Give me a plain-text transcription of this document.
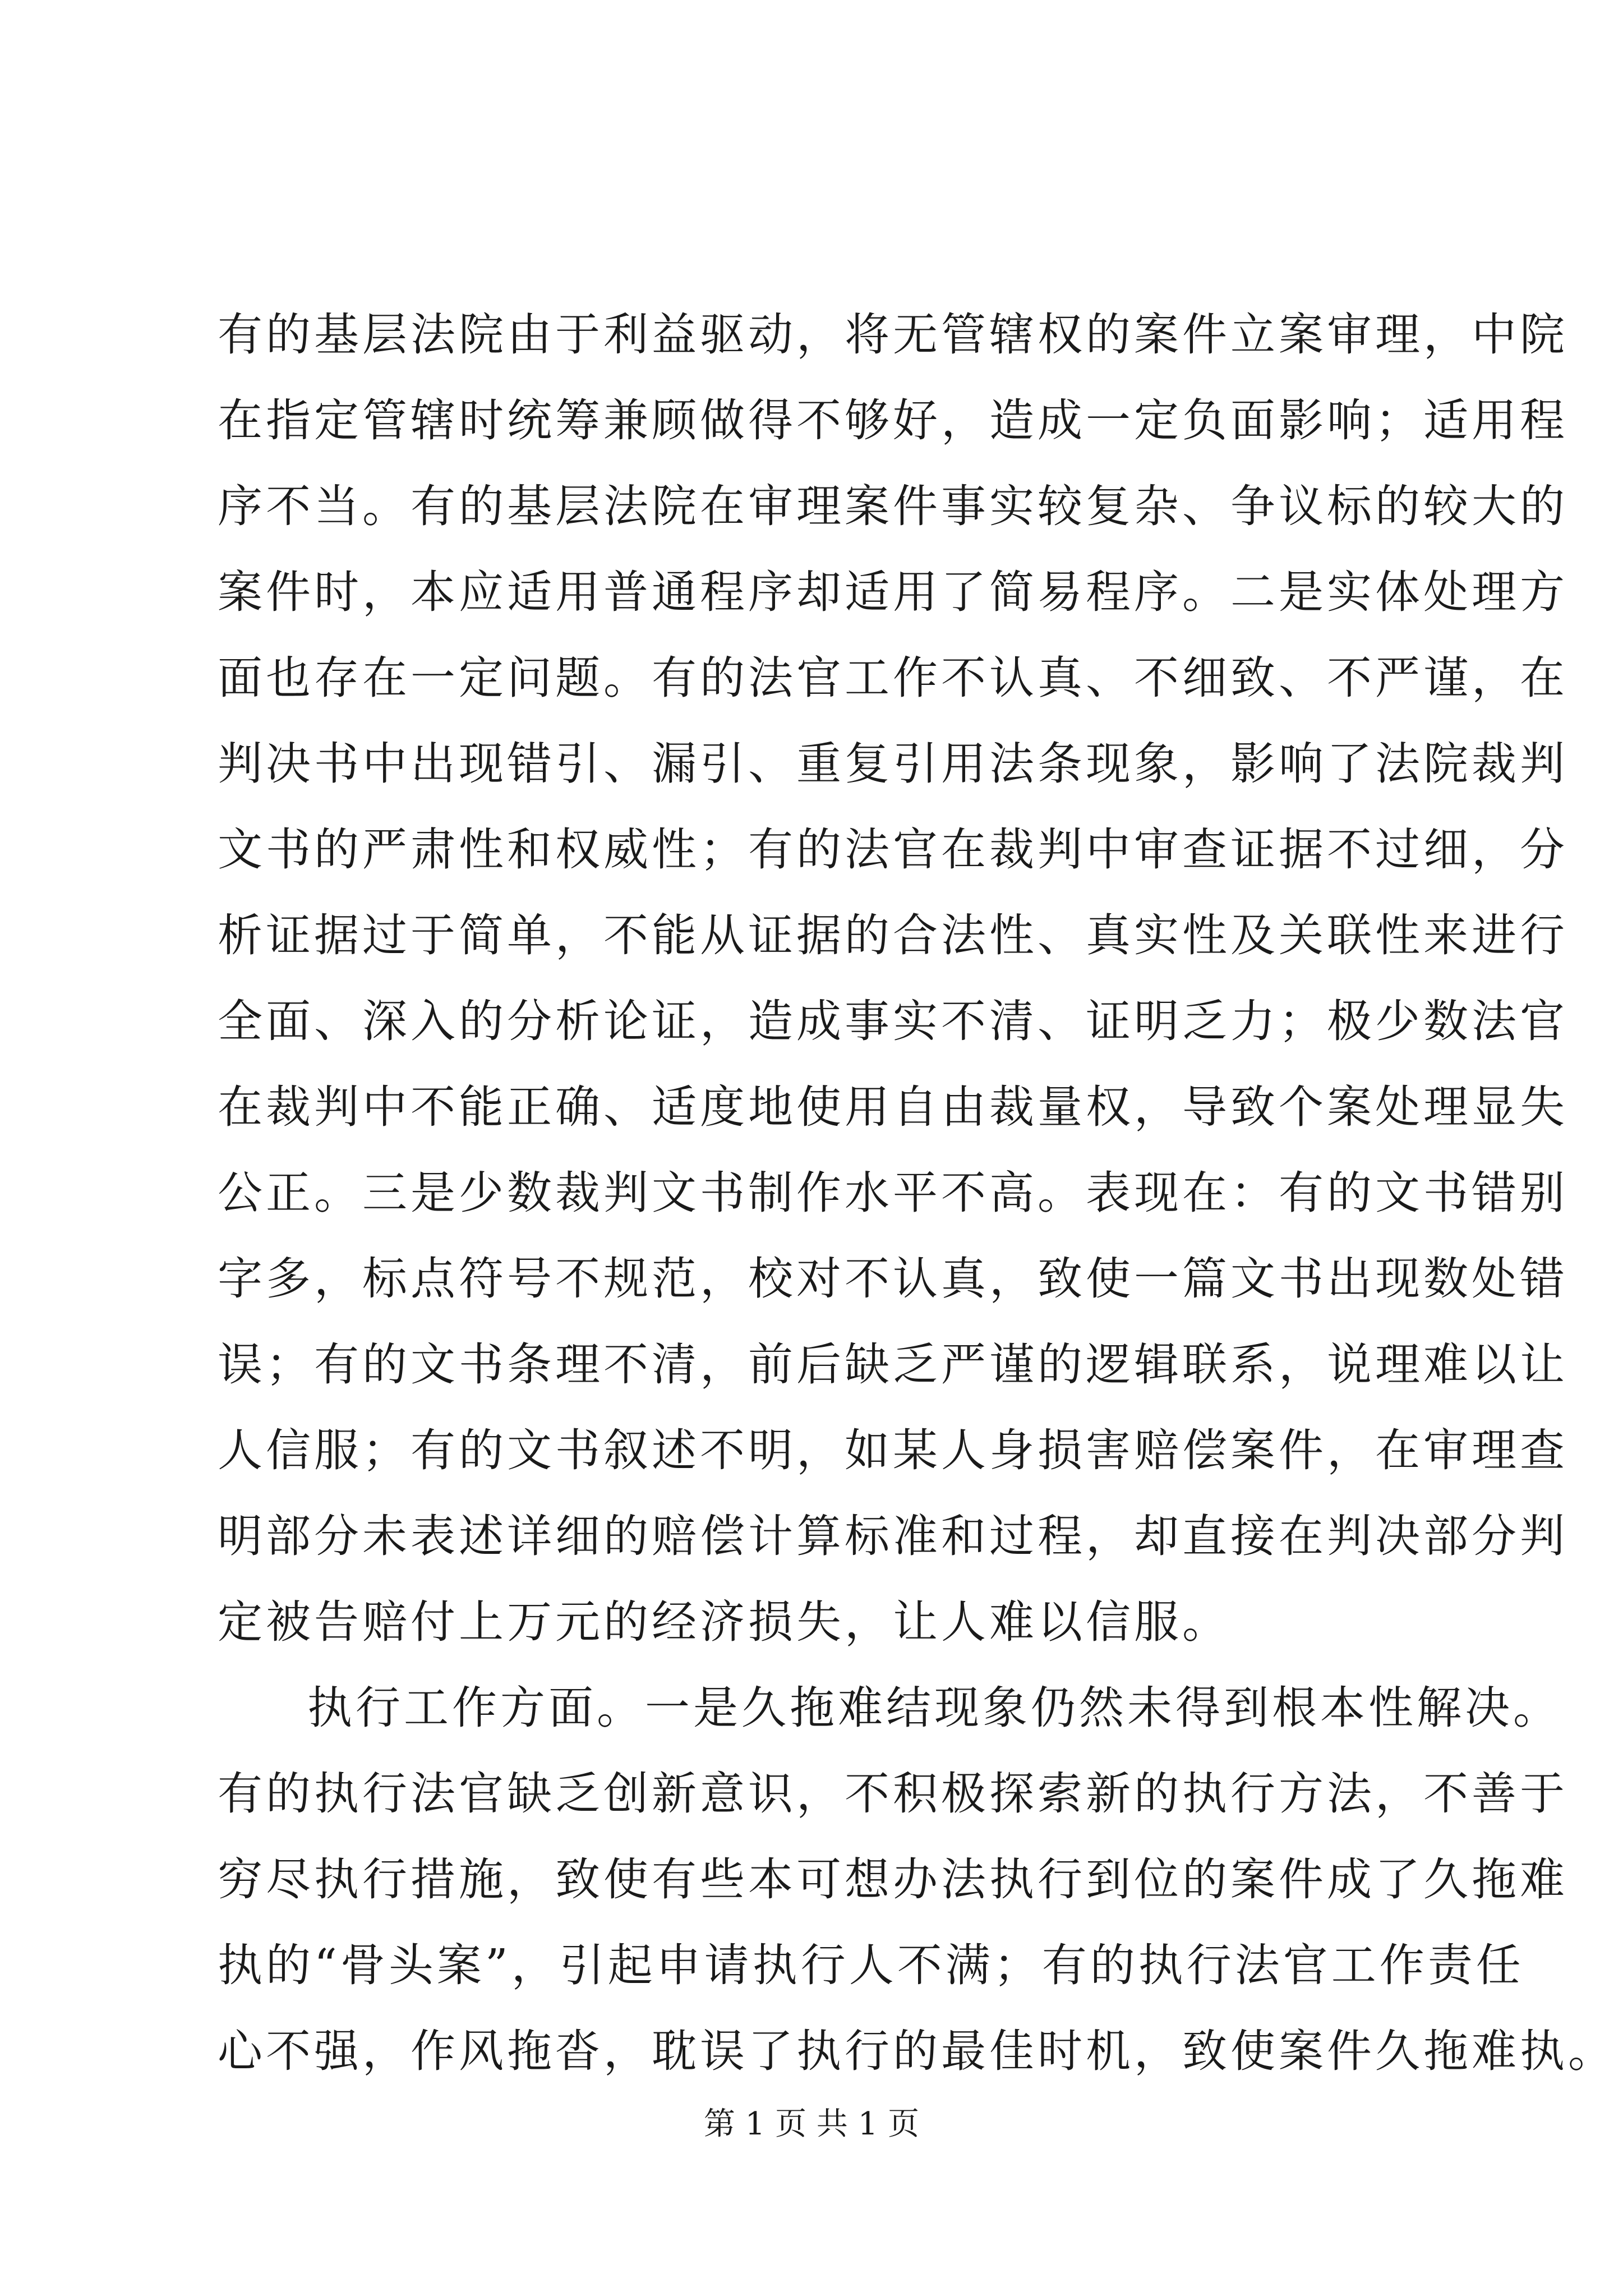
有的基层法院由于利益驱动，将无管辖权的案件立案审理，中院
在指定管辖时统筹兼顾做得不够好，造成一定负面影响；适用程
序不当。有的基层法院在审理案件事实较复杂、争议标的较大的
案件时，本应适用普通程序却适用了简易程序。二是实体处理方
面也存在一定问题。有的法官工作不认真、不细致、不严谨，在
判决书中出现错引、漏引、重复引用法条现象，影响了法院裁判
文书的严肃性和权威性；有的法官在裁判中审查证据不过细，分
析证据过于简单，不能从证据的合法性、真实性及关联性来进行
全面、深入的分析论证，造成事实不清、证明乏力；极少数法官
在裁判中不能正确、适度地使用自由裁量权，导致个案处理显失
公正。三是少数裁判文书制作水平不高。表现在：有的文书错别
字多，标点符号不规范，校对不认真，致使一篇文书出现数处错
误；有的文书条理不清，前后缺乏严谨的逻辑联系，说理难以让
人信服；有的文书叙述不明，如某人身损害赔偿案件，在审理查
明部分未表述详细的赔偿计算标准和过程，却直接在判决部分判
定被告赔付上万元的经济损失，让人难以信服。
执行工作方面。一是久拖难结现象仍然未得到根本性解决。
有的执行法官缺乏创新意识，不积极探索新的执行方法，不善于
穷尽执行措施，致使有些本可想办法执行到位的案件成了久拖难
执的“骨头案”，引起申请执行人不满；有的执行法官工作责任
心不强，作风拖沓，耽误了执行的最佳时机，致使案件久拖难执。
第 1 页 共 1 页
